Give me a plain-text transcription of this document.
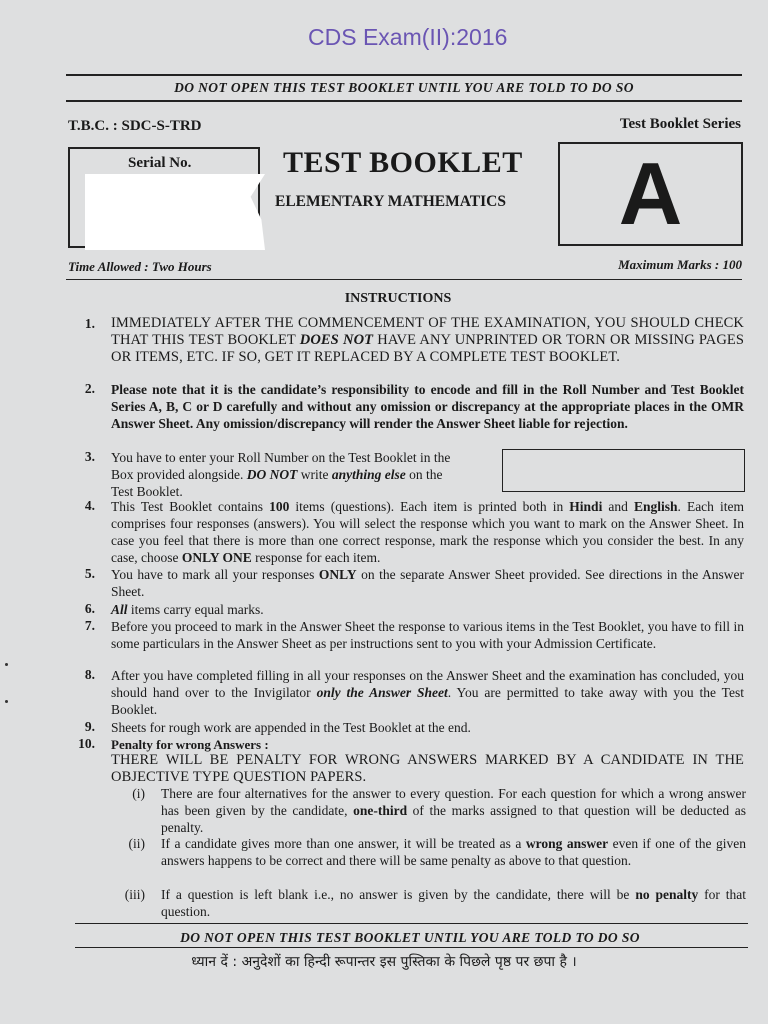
CDS Exam(II):2016
DO NOT OPEN THIS TEST BOOKLET UNTIL YOU ARE TOLD TO DO SO
T.B.C. : SDC-S-TRD	Test Booklet Series
Serial No.	TEST BOOKLET
ELEMENTARY MATHEMATICS	A
Time Allowed : Two Hours	Maximum Marks : 100
INSTRUCTIONS
1. IMMEDIATELY AFTER THE COMMENCEMENT OF THE EXAMINATION, YOU SHOULD CHECK THAT THIS TEST BOOKLET DOES NOT HAVE ANY UNPRINTED OR TORN OR MISSING PAGES OR ITEMS, ETC. IF SO, GET IT REPLACED BY A COMPLETE TEST BOOKLET.
2. Please note that it is the candidate’s responsibility to encode and fill in the Roll Number and Test Booklet Series A, B, C or D carefully and without any omission or discrepancy at the appropriate places in the OMR Answer Sheet. Any omission/discrepancy will render the Answer Sheet liable for rejection.
3. You have to enter your Roll Number on the Test Booklet in the Box provided alongside. DO NOT write anything else on the Test Booklet.
4. This Test Booklet contains 100 items (questions). Each item is printed both in Hindi and English. Each item comprises four responses (answers). You will select the response which you want to mark on the Answer Sheet. In case you feel that there is more than one correct response, mark the response which you consider the best. In any case, choose ONLY ONE response for each item.
5. You have to mark all your responses ONLY on the separate Answer Sheet provided. See directions in the Answer Sheet.
6. All items carry equal marks.
7. Before you proceed to mark in the Answer Sheet the response to various items in the Test Booklet, you have to fill in some particulars in the Answer Sheet as per instructions sent to you with your Admission Certificate.
8. After you have completed filling in all your responses on the Answer Sheet and the examination has concluded, you should hand over to the Invigilator only the Answer Sheet. You are permitted to take away with you the Test Booklet.
9. Sheets for rough work are appended in the Test Booklet at the end.
10. Penalty for wrong Answers :
THERE WILL BE PENALTY FOR WRONG ANSWERS MARKED BY A CANDIDATE IN THE OBJECTIVE TYPE QUESTION PAPERS.
(i) There are four alternatives for the answer to every question. For each question for which a wrong answer has been given by the candidate, one-third of the marks assigned to that question will be deducted as penalty.
(ii) If a candidate gives more than one answer, it will be treated as a wrong answer even if one of the given answers happens to be correct and there will be same penalty as above to that question.
(iii) If a question is left blank i.e., no answer is given by the candidate, there will be no penalty for that question.
DO NOT OPEN THIS TEST BOOKLET UNTIL YOU ARE TOLD TO DO SO
ध्यान दें : अनुदेशों का हिन्दी रूपान्तर इस पुस्तिका के पिछले पृष्ठ पर छपा है ।
